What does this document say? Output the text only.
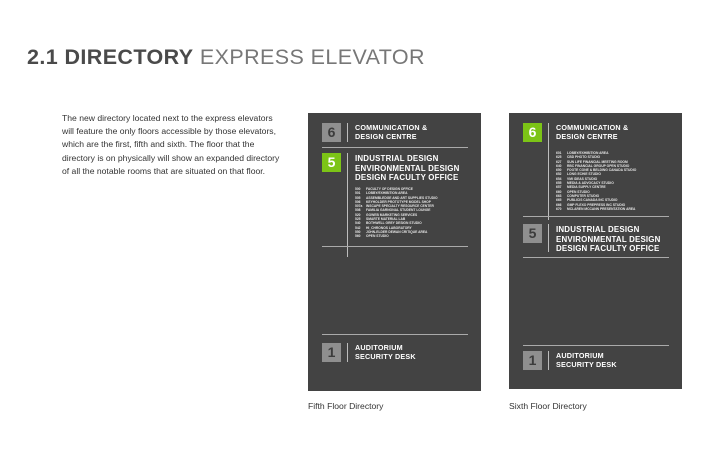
2.1 DIRECTORY EXPRESS ELEVATOR
The new directory located next to the express elevators will feature the only floors accessible by those elevators, which are the first, fifth and sixth. The floor that the directory is on physically will show an expanded directory of all the notable rooms that are situated on that floor.
6	COMMUNICATION &
DESIGN CENTRE
5	INDUSTRIAL DESIGN
ENVIRONMENTAL DESIGN
DESIGN FACULTY OFFICE
500 FACULTY OF DESIGN OFFICE
501 LOBBY/EXHIBITION AREA
505 ASSEMBLEDGE AND ART SUPPLIES STUDIO
506 KEYHOLDER PROTOTYPE MODEL SHOP
507a INSCAPE SPECIALTY RESOURCE CENTER
508 FAMILIA GARNONAL STUDENT LOUNGE
520 GOWEB MARKETING SERVICES
525 SMARTE MATERIAL LAB
540 BOTHWELL GREY DESIGN STUDIO
542 HI_CHRONOS LABORATORY
550 JOHN-ELDER DEWAN CRITIQUE AREA
560 OPEN STUDIO
1	AUDITORIUM
SECURITY DESK
Fifth Floor Directory
6	COMMUNICATION &
DESIGN CENTRE
601 LOBBY/EXHIBITION AREA
625 CBD PHOTO STUDIO
627 SUN LIFE FINANCIAL MEETING ROOM
640 RBC FINANCIAL GROUP OPEN STUDIO
650 FOOTE CONE & BELDING CANADA STUDIO
652 LONG ECHIE STUDIO
654 VMI IDEAS STUDIO
655 MEDIA & ADVOCACY STUDIO
657 MEDIA SUPPLY CENTRE
660 OPEN STUDIO
663 COMPUTER STUDIO
665 PUBLICIS CANADA INC STUDIO
666 GMP FLEXO PREPRESS INC STUDIO
670 MCLAREN MCCANN PRESENTATION AREA
5	INDUSTRIAL DESIGN
ENVIRONMENTAL DESIGN
DESIGN FACULTY OFFICE
1	AUDITORIUM
SECURITY DESK
Sixth Floor Directory
